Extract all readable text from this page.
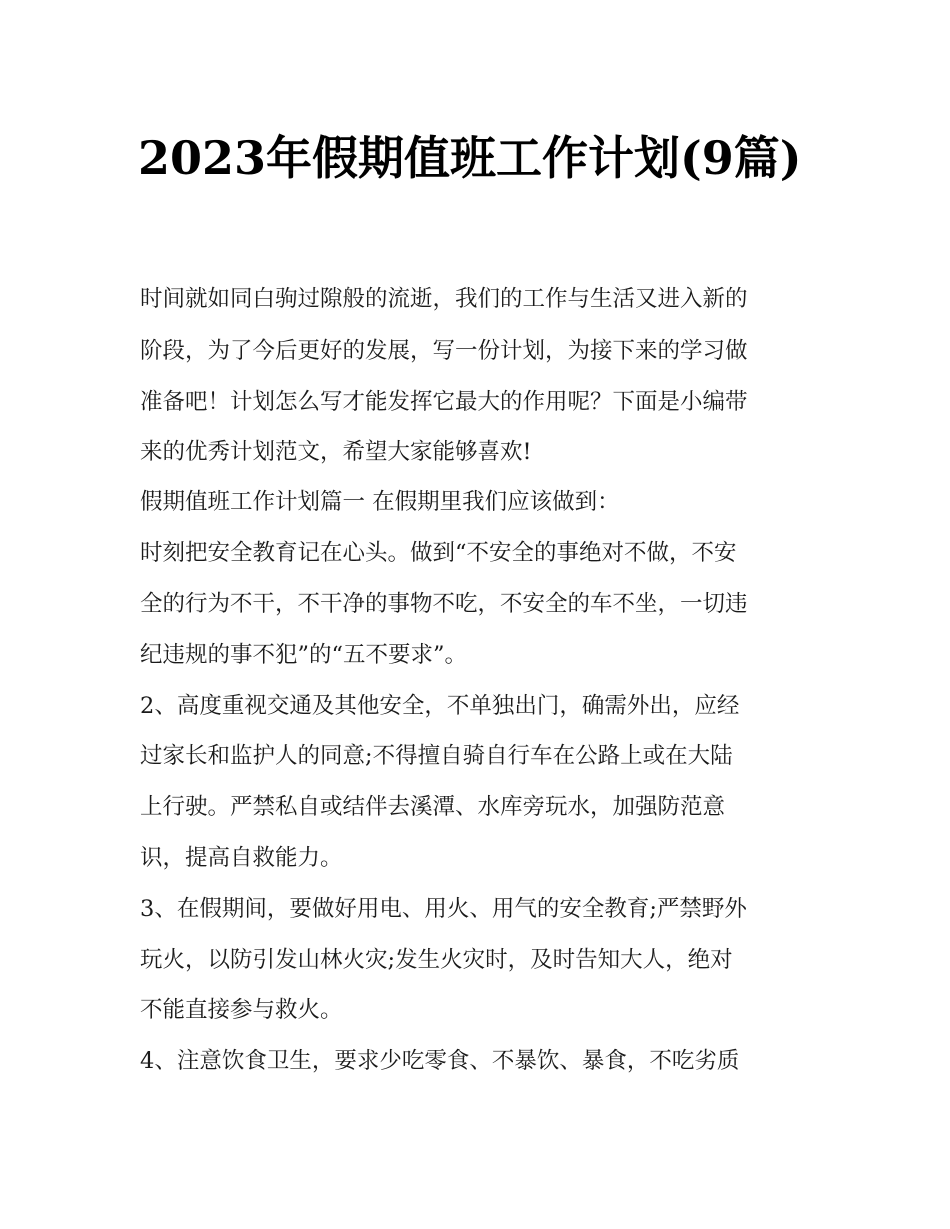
2023年假期值班工作计划(9篇)
时间就如同白驹过隙般的流逝，我们的工作与生活又进入新的
阶段，为了今后更好的发展，写一份计划，为接下来的学习做
准备吧！计划怎么写才能发挥它最大的作用呢？下面是小编带
来的优秀计划范文，希望大家能够喜欢!
假期值班工作计划篇一 在假期里我们应该做到：
时刻把安全教育记在心头。做到“不安全的事绝对不做，不安
全的行为不干，不干净的事物不吃，不安全的车不坐，一切违
纪违规的事不犯”的“五不要求”。
2、高度重视交通及其他安全，不单独出门，确需外出，应经
过家长和监护人的同意;不得擅自骑自行车在公路上或在大陆
上行驶。严禁私自或结伴去溪潭、水库旁玩水，加强防范意
识，提高自救能力。
3、在假期间，要做好用电、用火、用气的安全教育;严禁野外
玩火，以防引发山林火灾;发生火灾时，及时告知大人，绝对
不能直接参与救火。
4、注意饮食卫生，要求少吃零食、不暴饮、暴食，不吃劣质
